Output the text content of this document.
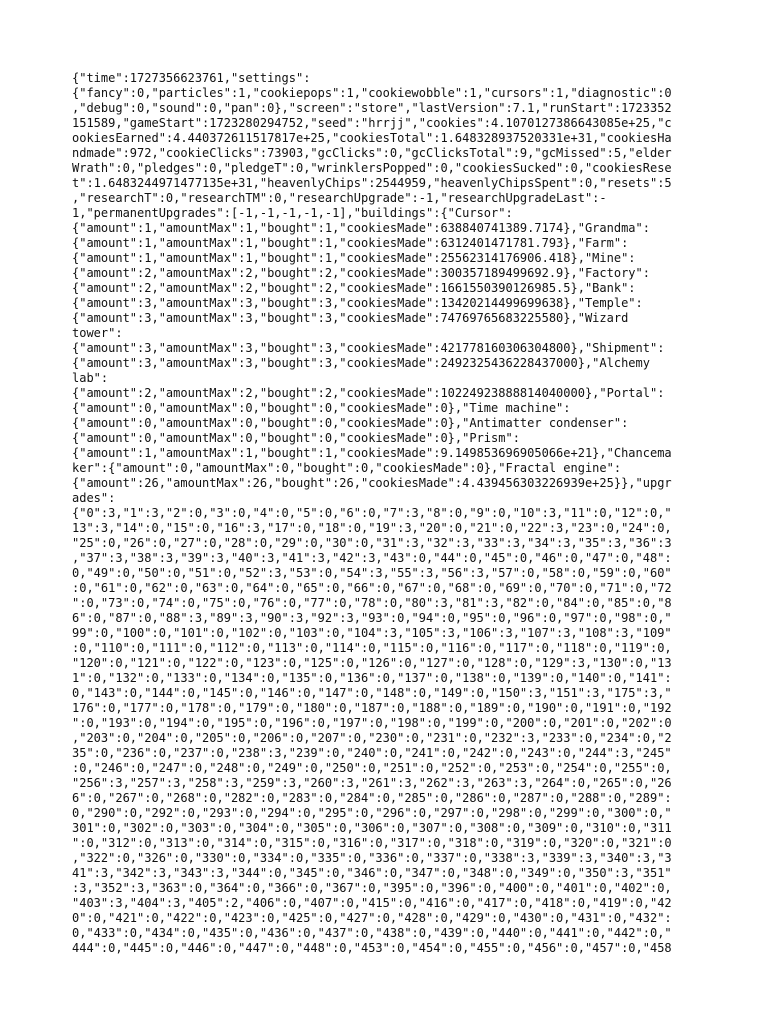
{"time":1727356623761,"settings":
{"fancy":0,"particles":1,"cookiepops":1,"cookiewobble":1,"cursors":1,"diagnostic":0
,"debug":0,"sound":0,"pan":0},"screen":"store","lastVersion":7.1,"runStart":1723352
151589,"gameStart":1723280294752,"seed":"hrrjj","cookies":4.1070127386643085e+25,"c
ookiesEarned":4.440372611517817e+25,"cookiesTotal":1.648328937520331e+31,"cookiesHa
ndmade":972,"cookieClicks":73903,"gcClicks":0,"gcClicksTotal":9,"gcMissed":5,"elder
Wrath":0,"pledges":0,"pledgeT":0,"wrinklersPopped":0,"cookiesSucked":0,"cookiesRese
t":1.6483244971477135e+31,"heavenlyChips":2544959,"heavenlyChipsSpent":0,"resets":5
,"researchT":0,"researchTM":0,"researchUpgrade":-1,"researchUpgradeLast":-
1,"permanentUpgrades":[-1,-1,-1,-1,-1],"buildings":{"Cursor":
{"amount":1,"amountMax":1,"bought":1,"cookiesMade":638840741389.7174},"Grandma":
{"amount":1,"amountMax":1,"bought":1,"cookiesMade":6312401471781.793},"Farm":
{"amount":1,"amountMax":1,"bought":1,"cookiesMade":25562314176906.418},"Mine":
{"amount":2,"amountMax":2,"bought":2,"cookiesMade":300357189499692.9},"Factory":
{"amount":2,"amountMax":2,"bought":2,"cookiesMade":1661550390126985.5},"Bank":
{"amount":3,"amountMax":3,"bought":3,"cookiesMade":13420214499699638},"Temple":
{"amount":3,"amountMax":3,"bought":3,"cookiesMade":74769765683225580},"Wizard
tower":
{"amount":3,"amountMax":3,"bought":3,"cookiesMade":421778160306304800},"Shipment":
{"amount":3,"amountMax":3,"bought":3,"cookiesMade":2492325436228437000},"Alchemy
lab":
{"amount":2,"amountMax":2,"bought":2,"cookiesMade":10224923888814040000},"Portal":
{"amount":0,"amountMax":0,"bought":0,"cookiesMade":0},"Time machine":
{"amount":0,"amountMax":0,"bought":0,"cookiesMade":0},"Antimatter condenser":
{"amount":0,"amountMax":0,"bought":0,"cookiesMade":0},"Prism":
{"amount":1,"amountMax":1,"bought":1,"cookiesMade":9.149853696905066e+21},"Chancema
ker":{"amount":0,"amountMax":0,"bought":0,"cookiesMade":0},"Fractal engine":
{"amount":26,"amountMax":26,"bought":26,"cookiesMade":4.439456303226939e+25}},"upgr
ades":
{"0":3,"1":3,"2":0,"3":0,"4":0,"5":0,"6":0,"7":3,"8":0,"9":0,"10":3,"11":0,"12":0,"
13":3,"14":0,"15":0,"16":3,"17":0,"18":0,"19":3,"20":0,"21":0,"22":3,"23":0,"24":0,
"25":0,"26":0,"27":0,"28":0,"29":0,"30":0,"31":3,"32":3,"33":3,"34":3,"35":3,"36":3
,"37":3,"38":3,"39":3,"40":3,"41":3,"42":3,"43":0,"44":0,"45":0,"46":0,"47":0,"48":
0,"49":0,"50":0,"51":0,"52":3,"53":0,"54":3,"55":3,"56":3,"57":0,"58":0,"59":0,"60"
:0,"61":0,"62":0,"63":0,"64":0,"65":0,"66":0,"67":0,"68":0,"69":0,"70":0,"71":0,"72
":0,"73":0,"74":0,"75":0,"76":0,"77":0,"78":0,"80":3,"81":3,"82":0,"84":0,"85":0,"8
6":0,"87":0,"88":3,"89":3,"90":3,"92":3,"93":0,"94":0,"95":0,"96":0,"97":0,"98":0,"
99":0,"100":0,"101":0,"102":0,"103":0,"104":3,"105":3,"106":3,"107":3,"108":3,"109"
:0,"110":0,"111":0,"112":0,"113":0,"114":0,"115":0,"116":0,"117":0,"118":0,"119":0,
"120":0,"121":0,"122":0,"123":0,"125":0,"126":0,"127":0,"128":0,"129":3,"130":0,"13
1":0,"132":0,"133":0,"134":0,"135":0,"136":0,"137":0,"138":0,"139":0,"140":0,"141":
0,"143":0,"144":0,"145":0,"146":0,"147":0,"148":0,"149":0,"150":3,"151":3,"175":3,"
176":0,"177":0,"178":0,"179":0,"180":0,"187":0,"188":0,"189":0,"190":0,"191":0,"192
":0,"193":0,"194":0,"195":0,"196":0,"197":0,"198":0,"199":0,"200":0,"201":0,"202":0
,"203":0,"204":0,"205":0,"206":0,"207":0,"230":0,"231":0,"232":3,"233":0,"234":0,"2
35":0,"236":0,"237":0,"238":3,"239":0,"240":0,"241":0,"242":0,"243":0,"244":3,"245"
:0,"246":0,"247":0,"248":0,"249":0,"250":0,"251":0,"252":0,"253":0,"254":0,"255":0,
"256":3,"257":3,"258":3,"259":3,"260":3,"261":3,"262":3,"263":3,"264":0,"265":0,"26
6":0,"267":0,"268":0,"282":0,"283":0,"284":0,"285":0,"286":0,"287":0,"288":0,"289":
0,"290":0,"292":0,"293":0,"294":0,"295":0,"296":0,"297":0,"298":0,"299":0,"300":0,"
301":0,"302":0,"303":0,"304":0,"305":0,"306":0,"307":0,"308":0,"309":0,"310":0,"311
":0,"312":0,"313":0,"314":0,"315":0,"316":0,"317":0,"318":0,"319":0,"320":0,"321":0
,"322":0,"326":0,"330":0,"334":0,"335":0,"336":0,"337":0,"338":3,"339":3,"340":3,"3
41":3,"342":3,"343":3,"344":0,"345":0,"346":0,"347":0,"348":0,"349":0,"350":3,"351"
:3,"352":3,"363":0,"364":0,"366":0,"367":0,"395":0,"396":0,"400":0,"401":0,"402":0,
"403":3,"404":3,"405":2,"406":0,"407":0,"415":0,"416":0,"417":0,"418":0,"419":0,"42
0":0,"421":0,"422":0,"423":0,"425":0,"427":0,"428":0,"429":0,"430":0,"431":0,"432":
0,"433":0,"434":0,"435":0,"436":0,"437":0,"438":0,"439":0,"440":0,"441":0,"442":0,"
444":0,"445":0,"446":0,"447":0,"448":0,"453":0,"454":0,"455":0,"456":0,"457":0,"458
